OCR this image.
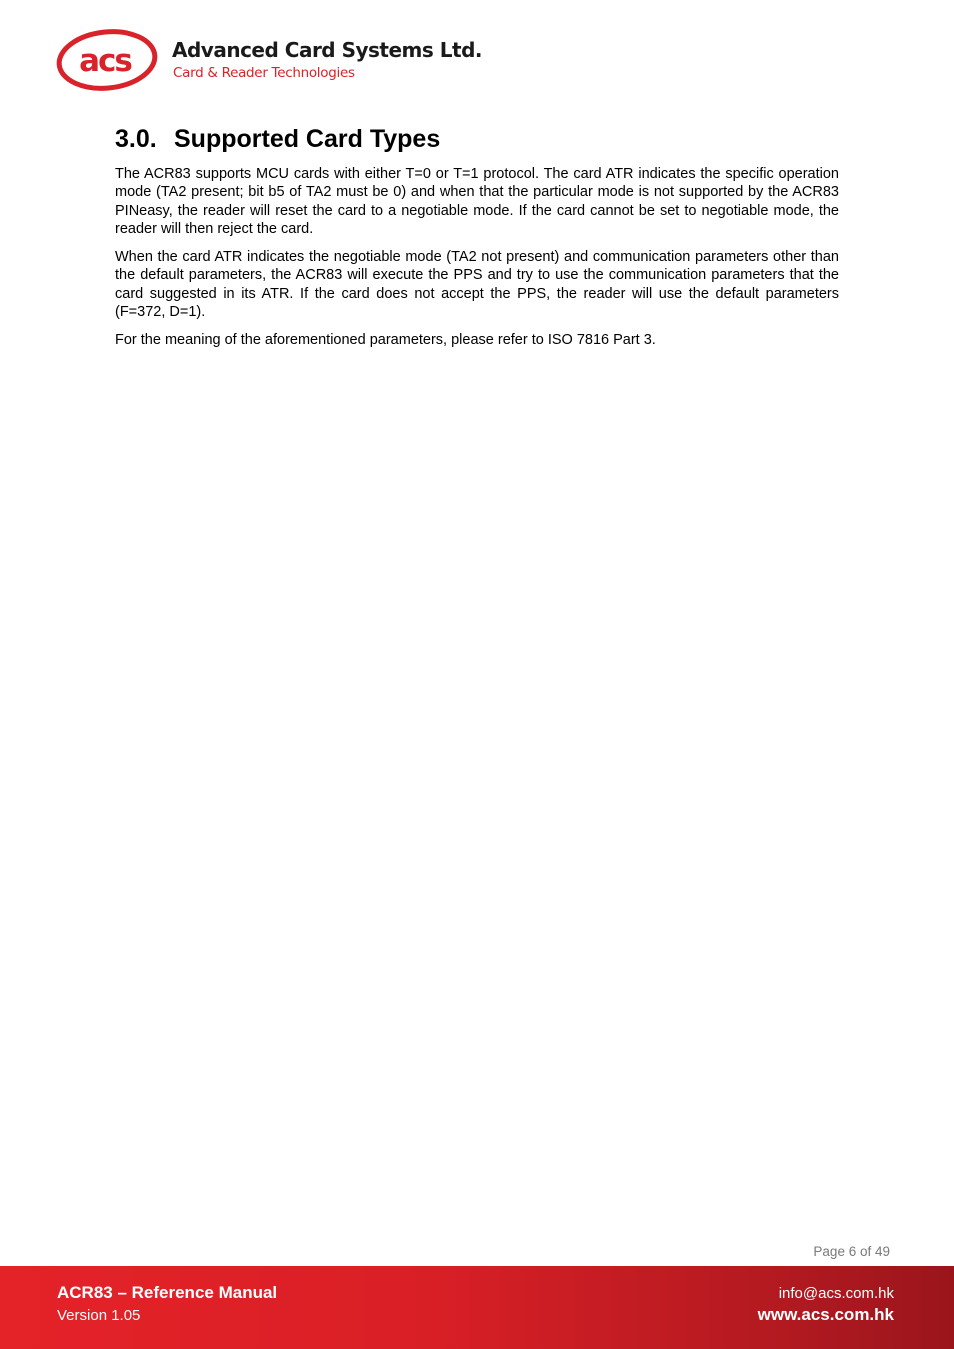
acs Advanced Card Systems Ltd.
Card & Reader Technologies
3.0. Supported Card Types

The ACR83 supports MCU cards with either T=0 or T=1 protocol. The card ATR indicates the specific operation mode (TA2 present; bit b5 of TA2 must be 0) and when that the particular mode is not supported by the ACR83 PINeasy, the reader will reset the card to a negotiable mode. If the card cannot be set to negotiable mode, the reader will then reject the card.

When the card ATR indicates the negotiable mode (TA2 not present) and communication parameters other than the default parameters, the ACR83 will execute the PPS and try to use the communication parameters that the card suggested in its ATR. If the card does not accept the PPS, the reader will use the default parameters (F=372, D=1).

For the meaning of the aforementioned parameters, please refer to ISO 7816 Part 3.

Page 6 of 49
ACR83 – Reference Manual
Version 1.05
info@acs.com.hk
www.acs.com.hk
